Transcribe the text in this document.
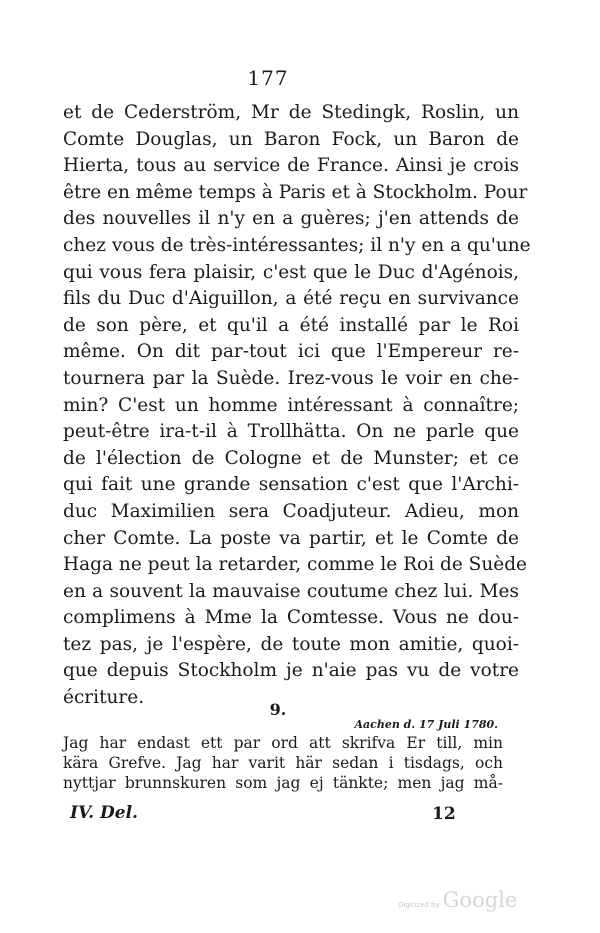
177
et de Cederström, Mr de Stedingk, Roslin, un
Comte Douglas, un Baron Fock, un Baron de
Hierta, tous au service de France. Ainsi je crois
être en même temps à Paris et à Stockholm. Pour
des nouvelles il n'y en a guères; j'en attends de
chez vous de très-intéressantes; il n'y en a qu'une
qui vous fera plaisir, c'est que le Duc d'Agénois,
fils du Duc d'Aiguillon, a été reçu en survivance
de son père, et qu'il a été installé par le Roi
même. On dit par-tout ici que l'Empereur re-
tournera par la Suède. Irez-vous le voir en che-
min? C'est un homme intéressant à connaître;
peut-être ira-t-il à Trollhätta. On ne parle que
de l'élection de Cologne et de Munster; et ce
qui fait une grande sensation c'est que l'Archi-
duc Maximilien sera Coadjuteur. Adieu, mon
cher Comte. La poste va partir, et le Comte de
Haga ne peut la retarder, comme le Roi de Suède
en a souvent la mauvaise coutume chez lui. Mes
complimens à Mme la Comtesse. Vous ne dou-
tez pas, je l'espère, de toute mon amitie, quoi-
que depuis Stockholm je n'aie pas vu de votre
écriture.
9.
Aachen d. 17 Juli 1780.
Jag har endast ett par ord att skrifva Er till, min
kära Grefve. Jag har varit här sedan i tisdags, och
nyttjar brunnskuren som jag ej tänkte; men jag må-
IV. Del.	12
Digitized by Google
